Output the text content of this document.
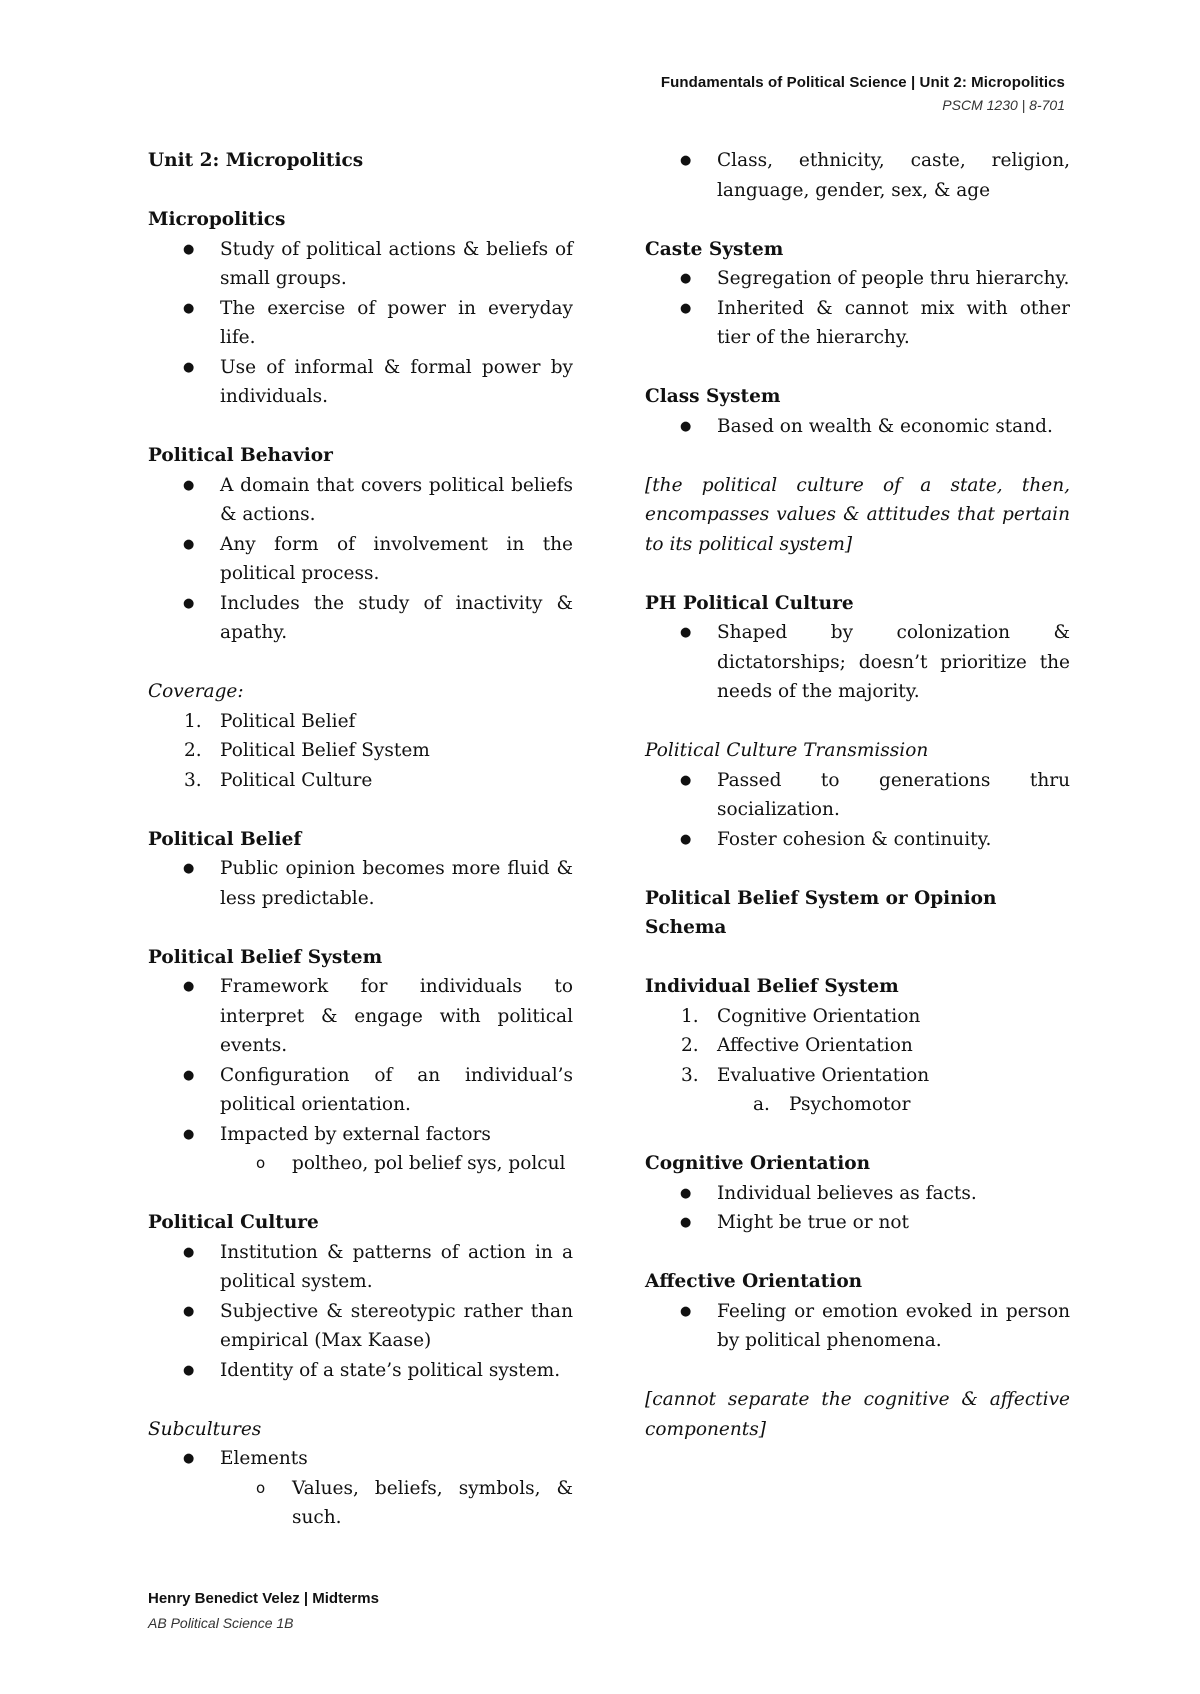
Fundamentals of Political Science | Unit 2: Micropolitics
PSCM 1230 | 8-701
Unit 2: Micropolitics
Micropolitics
● Study of political actions & beliefs of small groups.
● The exercise of power in everyday life.
● Use of informal & formal power by individuals.
Political Behavior
● A domain that covers political beliefs & actions.
● Any form of involvement in the political process.
● Includes the study of inactivity & apathy.
Coverage:
1. Political Belief
2. Political Belief System
3. Political Culture
Political Belief
● Public opinion becomes more fluid & less predictable.
Political Belief System
● Framework for individuals to interpret & engage with political events.
● Configuration of an individual’s political orientation.
● Impacted by external factors
o poltheo, pol belief sys, polcul
Political Culture
● Institution & patterns of action in a political system.
● Subjective & stereotypic rather than empirical (Max Kaase)
● Identity of a state’s political system.
Subcultures
● Elements
o Values, beliefs, symbols, & such.
● Class, ethnicity, caste, religion, language, gender, sex, & age
Caste System
● Segregation of people thru hierarchy.
● Inherited & cannot mix with other tier of the hierarchy.
Class System
● Based on wealth & economic stand.
[the political culture of a state, then, encompasses values & attitudes that pertain to its political system]
PH Political Culture
● Shaped by colonization & dictatorships; doesn’t prioritize the needs of the majority.
Political Culture Transmission
● Passed to generations thru socialization.
● Foster cohesion & continuity.
Political Belief System or Opinion Schema
Individual Belief System
1. Cognitive Orientation
2. Affective Orientation
3. Evaluative Orientation
a. Psychomotor
Cognitive Orientation
● Individual believes as facts.
● Might be true or not
Affective Orientation
● Feeling or emotion evoked in person by political phenomena.
[cannot separate the cognitive & affective components]
Henry Benedict Velez | Midterms
AB Political Science 1B
